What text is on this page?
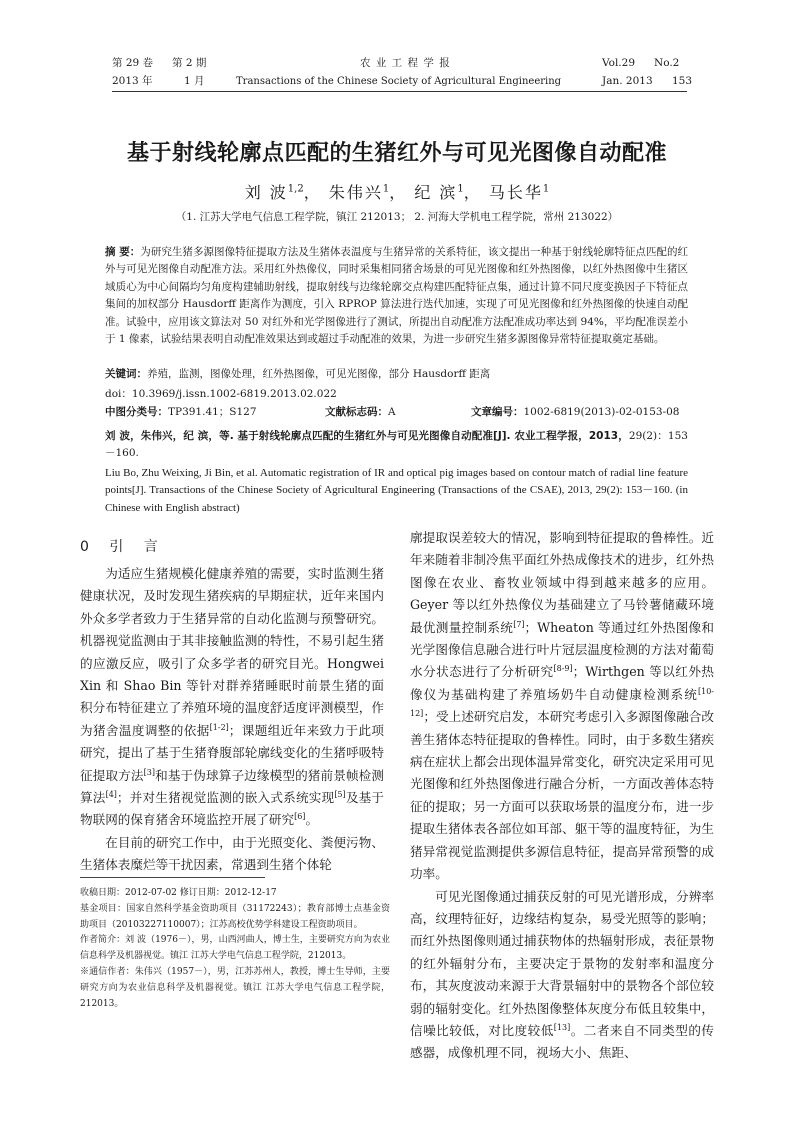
第 29 卷 第 2 期	农 业 工 程 学 报	Vol.29 No.2
2013 年	1 月	Transactions of the Chinese Society of Agricultural Engineering	Jan. 2013 153
基于射线轮廓点匹配的生猪红外与可见光图像自动配准
刘 波$^{1,2}$， 朱伟兴$^1$， 纪 滨$^1$， 马长华$^1$
（1. 江苏大学电气信息工程学院，镇江 212013； 2. 河海大学机电工程学院，常州 213022）
摘 要：为研究生猪多源图像特征提取方法及生猪体表温度与生猪异常的关系特征，该文提出一种基于射线轮廓特征点匹配的红外与可见光图像自动配准方法。采用红外热像仪，同时采集相同猪舍场景的可见光图像和红外热图像，以红外热图像中生猪区域质心为中心间隔均匀角度构建辅助射线，提取射线与边缘轮廓交点构建匹配特征点集，通过计算不同尺度变换因子下特征点集间的加权部分 Hausdorff 距离作为测度，引入 RPROP 算法进行迭代加速，实现了可见光图像和红外热图像的快速自动配准。试验中，应用该文算法对 50 对红外和光学图像进行了测试，所提出自动配准方法配准成功率达到 94%，平均配准误差小于 1 像素，试验结果表明自动配准效果达到或超过手动配准的效果，为进一步研究生猪多源图像异常特征提取奠定基础。
关键词：养殖，监测，图像处理，红外热图像，可见光图像，部分 Hausdorff 距离
doi：10.3969/j.issn.1002-6819.2013.02.022
中图分类号：TP391.41；S127	文献标志码：A	文章编号：1002-6819(2013)-02-0153-08
刘 波，朱伟兴，纪 滨，等. 基于射线轮廓点匹配的生猪红外与可见光图像自动配准[J]. 农业工程学报，2013，29(2)：153－160.
Liu Bo, Zhu Weixing, Ji Bin, et al. Automatic registration of IR and optical pig images based on contour match of radial line feature points[J]. Transactions of the Chinese Society of Agricultural Engineering (Transactions of the CSAE), 2013, 29(2): 153－160. (in Chinese with English abstract)
0 引 言

为适应生猪规模化健康养殖的需要，实时监测生猪健康状况，及时发现生猪疾病的早期症状，近年来国内外众多学者致力于生猪异常的自动化监测与预警研究。机器视觉监测由于其非接触监测的特性，不易引起生猪的应激反应，吸引了众多学者的研究目光。Hongwei Xin 和 Shao Bin 等针对群养猪睡眠时前景生猪的面积分布特征建立了养殖环境的温度舒适度评测模型，作为猪舍温度调整的依据[1-2]；课题组近年来致力于此项研究，提出了基于生猪脊腹部轮廓线变化的生猪呼吸特征提取方法[3]和基于伪球算子边缘模型的猪前景帧检测算法[4]；并对生猪视觉监测的嵌入式系统实现[5]及基于物联网的保育猪舍环境监控开展了研究[6]。

在目前的研究工作中，由于光照变化、粪便污物、生猪体表糜烂等干扰因素，常遇到生猪个体轮

收稿日期：2012-07-02 修订日期：2012-12-17
基金项目：国家自然科学基金资助项目（31172243）；教育部博士点基金资助项目（20103227110007）；江苏高校优势学科建设工程资助项目。
作者简介：刘 波（1976－），男，山西河曲人，博士生，主要研究方向为农业信息科学及机器视觉。镇江 江苏大学电气信息工程学院，212013。
※通信作者：朱伟兴（1957－），男，江苏苏州人，教授，博士生导师，主要研究方向为农业信息科学及机器视觉。镇江 江苏大学电气信息工程学院，212013。

廓提取误差较大的情况，影响到特征提取的鲁棒性。近年来随着非制冷焦平面红外热成像技术的进步，红外热图像在农业、畜牧业领域中得到越来越多的应用。Geyer 等以红外热像仪为基础建立了马铃薯储藏环境最优测量控制系统[7]；Wheaton 等通过红外热图像和光学图像信息融合进行叶片冠层温度检测的方法对葡萄水分状态进行了分析研究[8-9]；Wirthgen 等以红外热像仪为基础构建了养殖场奶牛自动健康检测系统[10-12]；受上述研究启发，本研究考虑引入多源图像融合改善生猪体态特征提取的鲁棒性。同时，由于多数生猪疾病在症状上都会出现体温异常变化，研究决定采用可见光图像和红外热图像进行融合分析，一方面改善体态特征的提取；另一方面可以获取场景的温度分布，进一步提取生猪体表各部位如耳部、躯干等的温度特征，为生猪异常视觉监测提供多源信息特征，提高异常预警的成功率。

可见光图像通过捕获反射的可见光谱形成，分辨率高，纹理特征好，边缘结构复杂，易受光照等的影响；而红外热图像则通过捕获物体的热辐射形成，表征景物的红外辐射分布，主要决定于景物的发射率和温度分布，其灰度波动来源于大背景辐射中的景物各个部位较弱的辐射变化。红外热图像整体灰度分布低且较集中，信噪比较低，对比度较低[13]。二者来自不同类型的传感器，成像机理不同，视场大小、焦距、
